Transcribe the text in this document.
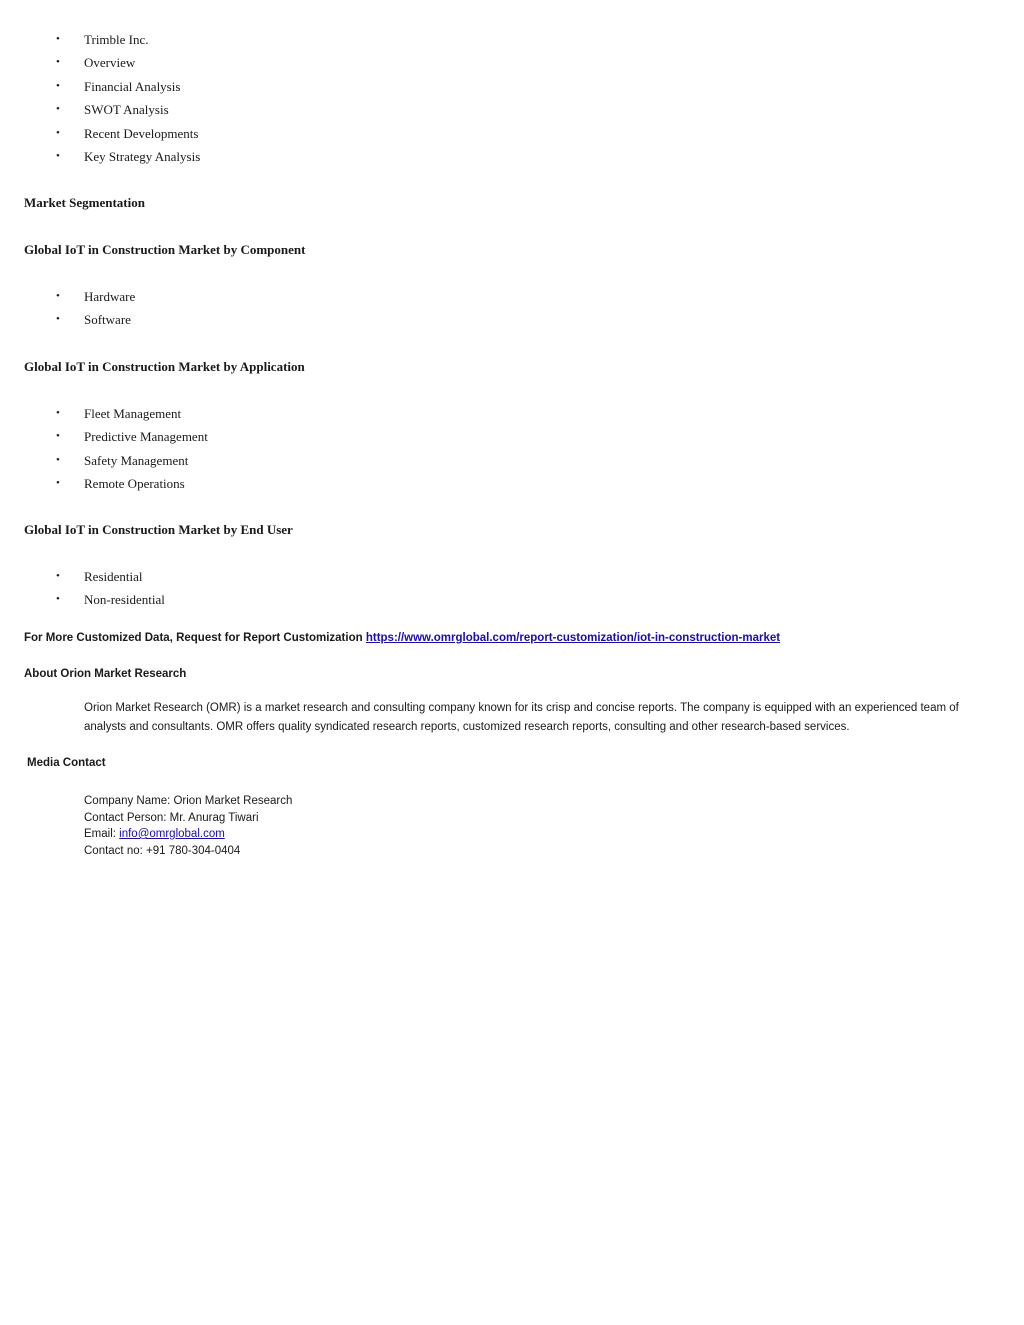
• Trimble Inc.
• Overview
• Financial Analysis
• SWOT Analysis
• Recent Developments
• Key Strategy Analysis
Market Segmentation
Global IoT in Construction Market by Component
• Hardware
• Software
Global IoT in Construction Market by Application
• Fleet Management
• Predictive Management
• Safety Management
• Remote Operations
Global IoT in Construction Market by End User
• Residential
• Non-residential
For More Customized Data, Request for Report Customization https://www.omrglobal.com/report-customization/iot-in-construction-market
About Orion Market Research
Orion Market Research (OMR) is a market research and consulting company known for its crisp and concise reports. The company is equipped with an experienced team of analysts and consultants. OMR offers quality syndicated research reports, customized research reports, consulting and other research-based services.
Media Contact
Company Name: Orion Market Research
Contact Person: Mr. Anurag Tiwari
Email: info@omrglobal.com
Contact no: +91 780-304-0404
